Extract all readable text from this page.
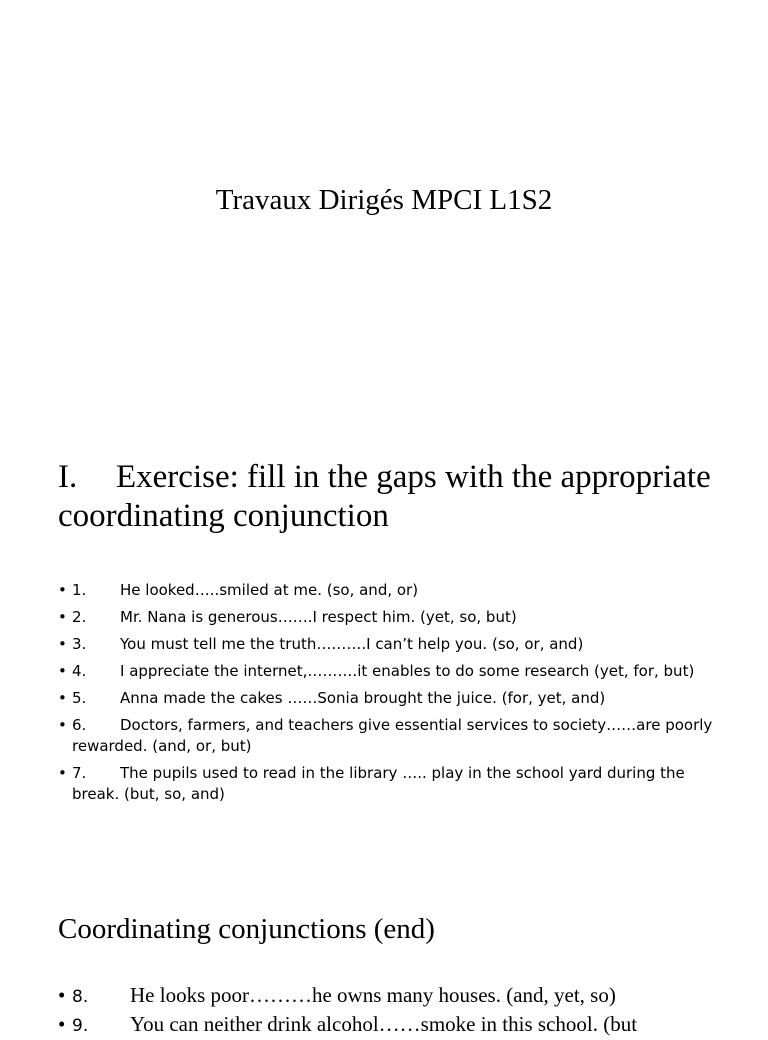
Travaux Dirigés MPCI L1S2
I. Exercise: fill in the gaps with the appropriate coordinating conjunction
• 1. He looked…..smiled at me. (so, and, or)
• 2. Mr. Nana is generous…….I respect him. (yet, so, but)
• 3. You must tell me the truth……….I can’t help you. (so, or, and)
• 4. I appreciate the internet,……….it enables to do some research (yet, for, but)
• 5. Anna made the cakes ……Sonia brought the juice. (for, yet, and)
• 6. Doctors, farmers, and teachers give essential services to society……are poorly rewarded. (and, or, but)
• 7. The pupils used to read in the library ….. play in the school yard during the break. (but, so, and)
Coordinating conjunctions (end)
• 8. He looks poor………he owns many houses. (and, yet, so)
• 9. You can neither drink alcohol……smoke in this school. (but
